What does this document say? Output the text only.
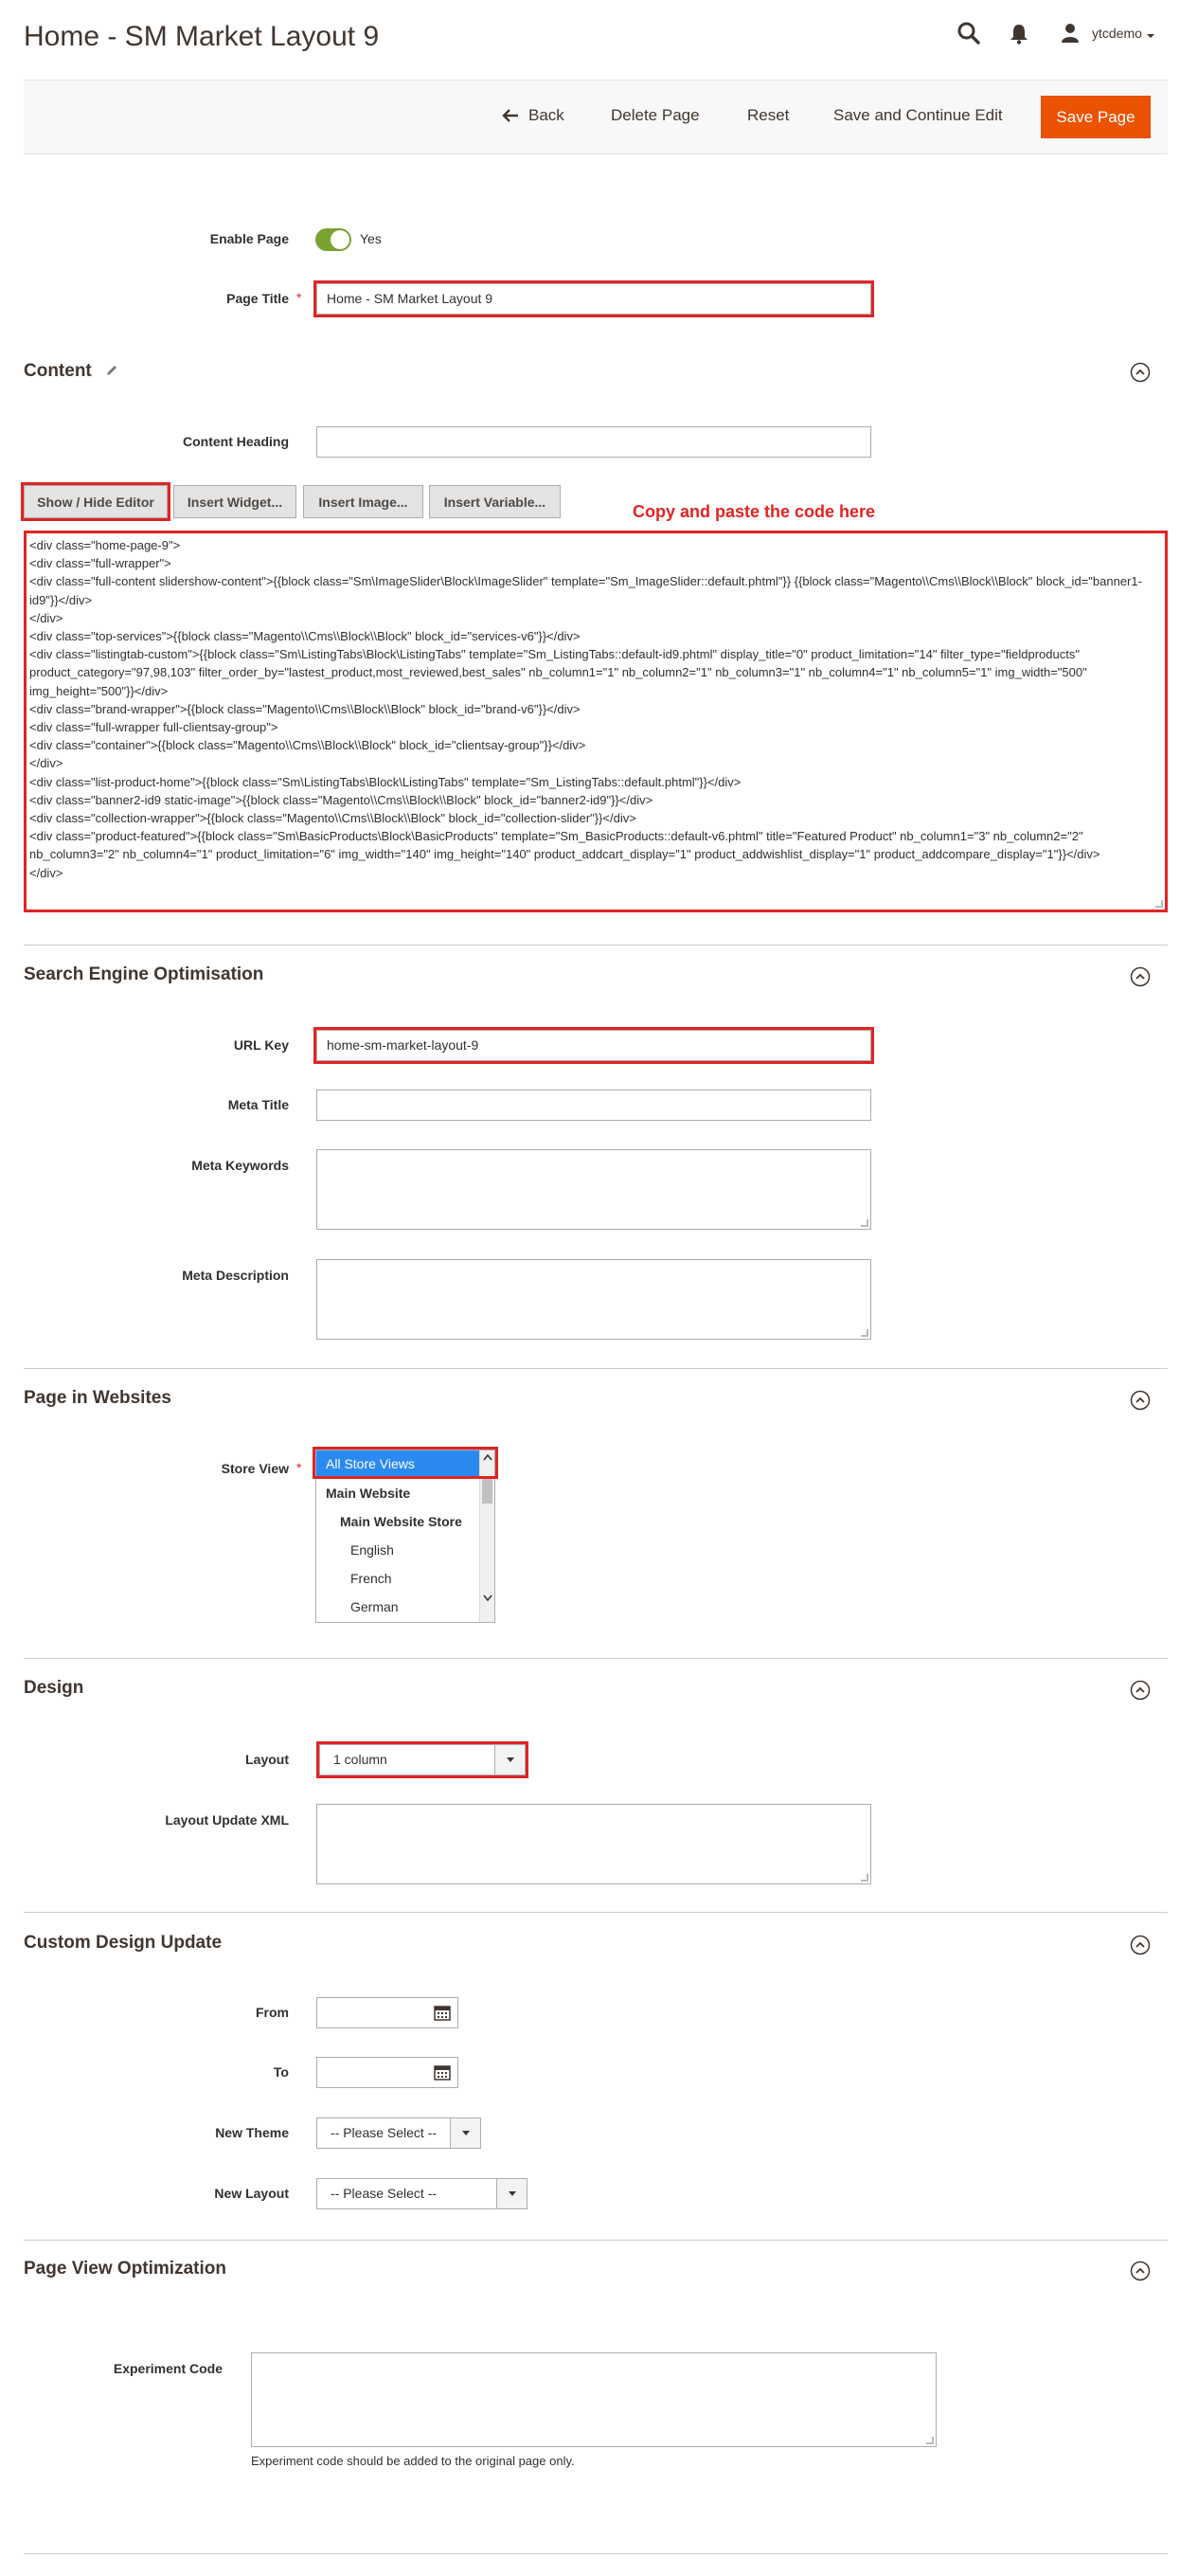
Home - SM Market Layout 9	ytcdemo
Back	Delete Page	Reset	Save and Continue Edit	Save Page
Enable Page	Yes
Page Title *	Home - SM Market Layout 9
Content
Content Heading
Show / Hide Editor	Insert Widget...	Insert Image...	Insert Variable...
Copy and paste the code here
<div class="home-page-9">
<div class="full-wrapper">
<div class="full-content slidershow-content">{{block class="Sm\ImageSlider\Block\ImageSlider" template="Sm_ImageSlider::default.phtml"}} {{block class="Magento\\Cms\\Block\\Block" block_id="banner1-id9"}}</div>
</div>
<div class="top-services">{{block class="Magento\\Cms\\Block\\Block" block_id="services-v6"}}</div>
<div class="listingtab-custom">{{block class="Sm\ListingTabs\Block\ListingTabs" template="Sm_ListingTabs::default-id9.phtml" display_title="0" product_limitation="14" filter_type="fieldproducts" product_category="97,98,103" filter_order_by="lastest_product,most_reviewed,best_sales" nb_column1="1" nb_column2="1" nb_column3="1" nb_column4="1" nb_column5="1" img_width="500" img_height="500"}}</div>
<div class="brand-wrapper">{{block class="Magento\\Cms\\Block\\Block" block_id="brand-v6"}}</div>
<div class="full-wrapper full-clientsay-group">
<div class="container">{{block class="Magento\\Cms\\Block\\Block" block_id="clientsay-group"}}</div>
</div>
<div class="list-product-home">{{block class="Sm\ListingTabs\Block\ListingTabs" template="Sm_ListingTabs::default.phtml"}}</div>
<div class="banner2-id9 static-image">{{block class="Magento\\Cms\\Block\\Block" block_id="banner2-id9"}}</div>
<div class="collection-wrapper">{{block class="Magento\\Cms\\Block\\Block" block_id="collection-slider"}}</div>
<div class="product-featured">{{block class="Sm\BasicProducts\Block\BasicProducts" template="Sm_BasicProducts::default-v6.phtml" title="Featured Product" nb_column1="3" nb_column2="2" nb_column3="2" nb_column4="1" product_limitation="6" img_width="140" img_height="140" product_addcart_display="1" product_addwishlist_display="1" product_addcompare_display="1"}}</div>
</div>
Search Engine Optimisation
URL Key	home-sm-market-layout-9
Meta Title
Meta Keywords
Meta Description
Page in Websites
Store View *	All Store Views
Main Website
Main Website Store
English
French
German
Design
Layout	1 column
Layout Update XML
Custom Design Update
From
To
New Theme	-- Please Select --
New Layout	-- Please Select --
Page View Optimization
Experiment Code
Experiment code should be added to the original page only.
